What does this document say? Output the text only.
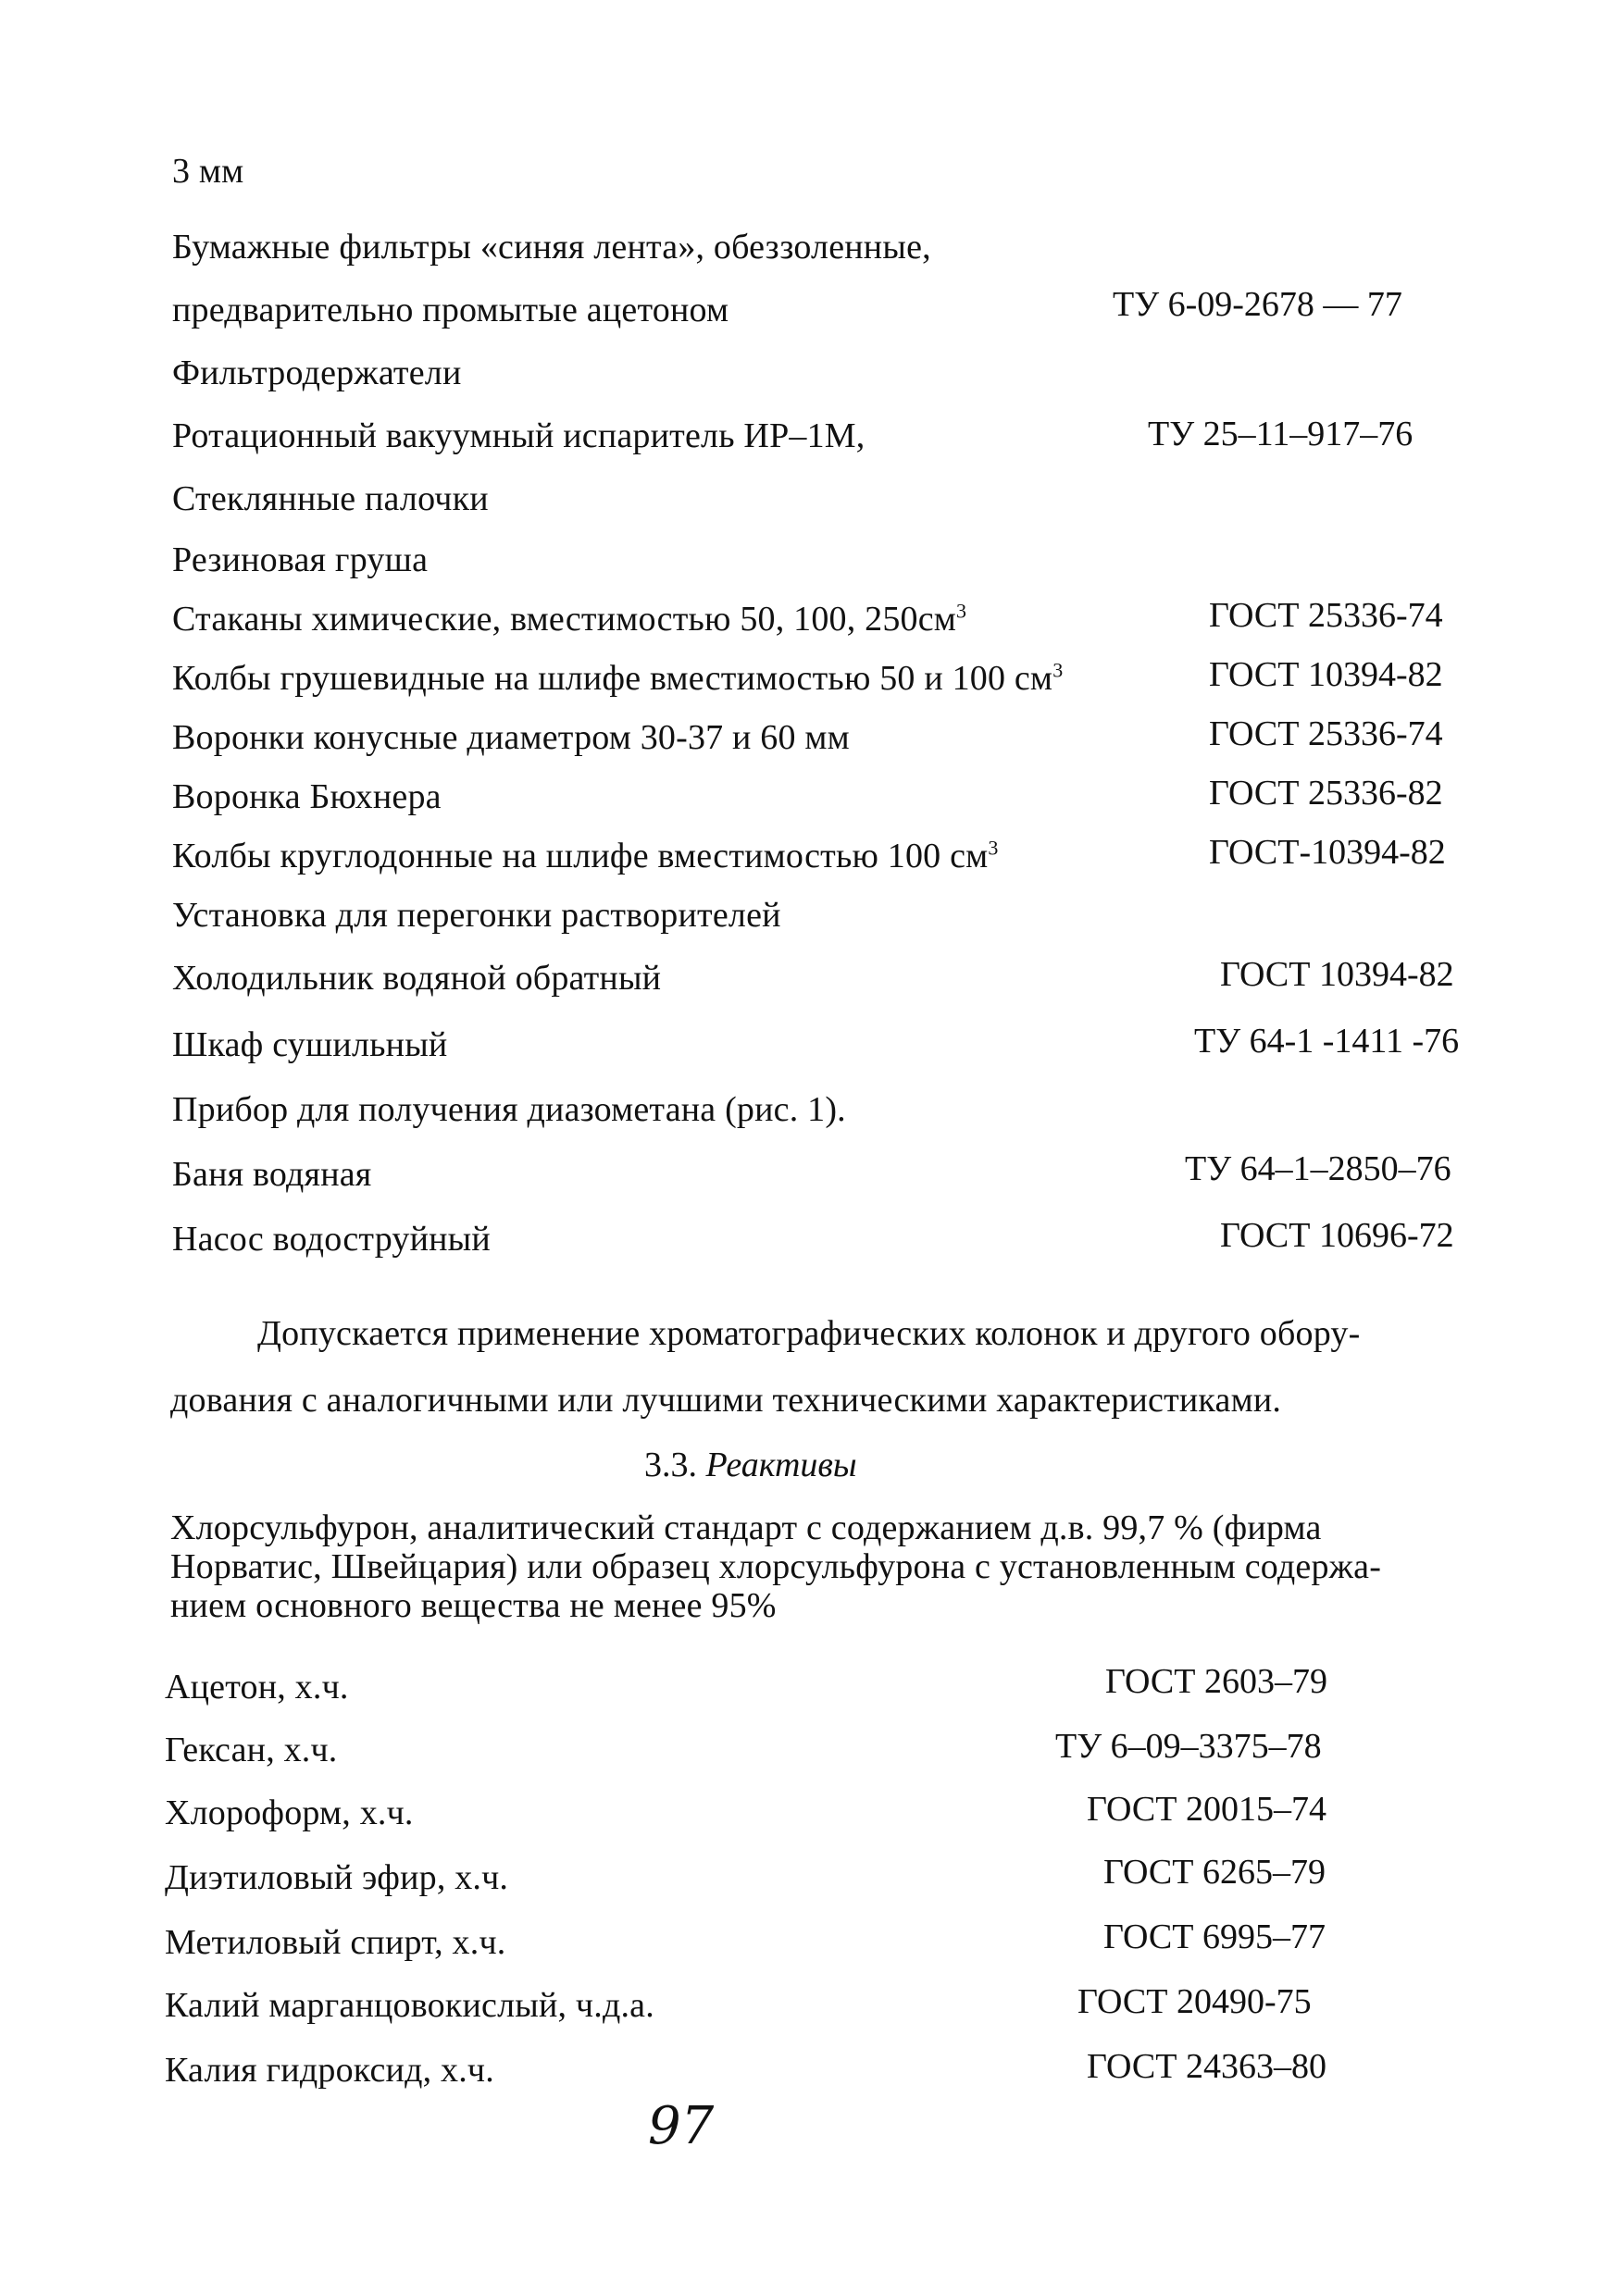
3 мм
Бумажные фильтры «синяя лента», обеззоленные,
предварительно промытые ацетоном	ТУ 6-09-2678 — 77
Фильтродержатели
Ротационный вакуумный испаритель ИР–1М,	ТУ 25–11–917–76
Стеклянные палочки
Резиновая груша
Стаканы химические, вместимостью 50, 100, $250см^3$	ГОСТ 25336-74
Колбы грушевидные на шлифе вместимостью 50 и 100 $см^3$	ГОСТ 10394-82
Воронки конусные диаметром 30-37 и 60 мм	ГОСТ 25336-74
Воронка Бюхнера	ГОСТ 25336-82
Колбы круглодонные на шлифе вместимостью 100 $см^3$	ГОСТ-10394-82
Установка для перегонки растворителей
Холодильник водяной обратный	ГОСТ 10394-82
Шкаф сушильный	ТУ 64-1 -1411 -76
Прибор для получения диазометана (рис. 1).
Баня водяная	ТУ 64–1–2850–76
Насос водоструйный	ГОСТ 10696-72
Допускается применение хроматографических колонок и другого обору-
дования с аналогичными или лучшими техническими характеристиками.
3.3. Реактивы
Хлорсульфурон, аналитический стандарт с содержанием д.в. 99,7 % (фирма
Норватис, Швейцария) или образец хлорсульфурона с установленным содержа-
нием основного вещества не менее 95%
Ацетон, х.ч.	ГОСТ 2603–79
Гексан, х.ч.	ТУ 6–09–3375–78
Хлороформ, х.ч.	ГОСТ 20015–74
Диэтиловый эфир, х.ч.	ГОСТ 6265–79
Метиловый спирт, х.ч.	ГОСТ 6995–77
Калий марганцовокислый, ч.д.а.	ГОСТ 20490-75
Калия гидроксид, х.ч.	ГОСТ 24363–80
97
